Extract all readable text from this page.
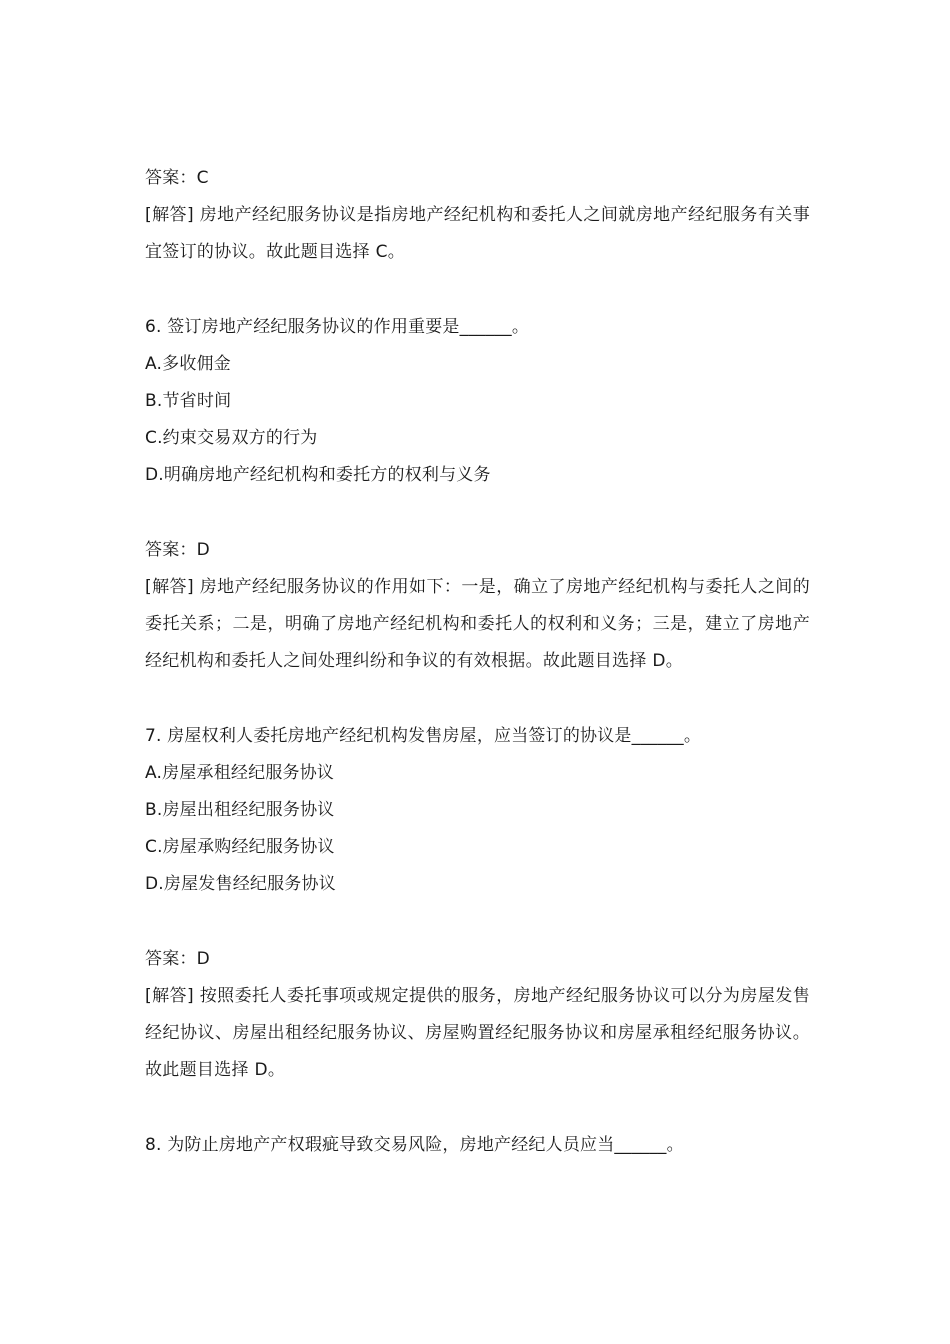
答案：C
[解答] 房地产经纪服务协议是指房地产经纪机构和委托人之间就房地产经纪服务有关事宜签订的协议。故此题目选择 C。
6. 签订房地产经纪服务协议的作用重要是______。
A.多收佣金
B.节省时间
C.约束交易双方的行为
D.明确房地产经纪机构和委托方的权利与义务
答案：D
[解答] 房地产经纪服务协议的作用如下：一是，确立了房地产经纪机构与委托人之间的委托关系；二是，明确了房地产经纪机构和委托人的权利和义务；三是，建立了房地产经纪机构和委托人之间处理纠纷和争议的有效根据。故此题目选择 D。
7. 房屋权利人委托房地产经纪机构发售房屋，应当签订的协议是______。
A.房屋承租经纪服务协议
B.房屋出租经纪服务协议
C.房屋承购经纪服务协议
D.房屋发售经纪服务协议
答案：D
[解答] 按照委托人委托事项或规定提供的服务，房地产经纪服务协议可以分为房屋发售经纪协议、房屋出租经纪服务协议、房屋购置经纪服务协议和房屋承租经纪服务协议。故此题目选择 D。
8. 为防止房地产产权瑕疵导致交易风险，房地产经纪人员应当______。
